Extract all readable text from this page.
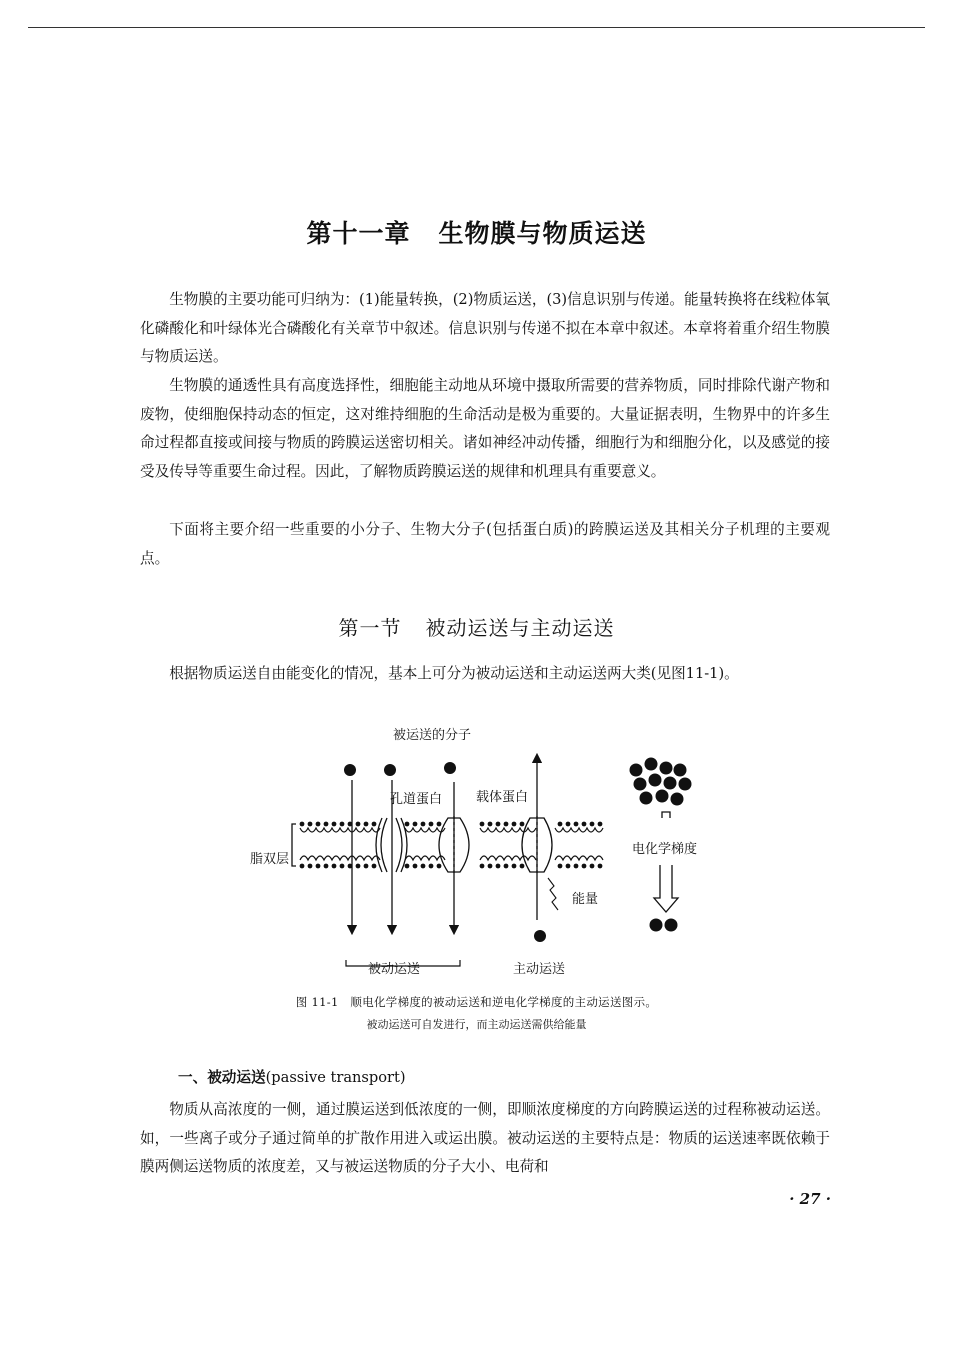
第十一章 生物膜与物质运送

生物膜的主要功能可归纳为：(1)能量转换，(2)物质运送，(3)信息识别与传递。能量转换将在线粒体氧化磷酸化和叶绿体光合磷酸化有关章节中叙述。信息识别与传递不拟在本章中叙述。本章将着重介绍生物膜与物质运送。

生物膜的通透性具有高度选择性，细胞能主动地从环境中摄取所需要的营养物质，同时排除代谢产物和废物，使细胞保持动态的恒定，这对维持细胞的生命活动是极为重要的。大量证据表明，生物界中的许多生命过程都直接或间接与物质的跨膜运送密切相关。诸如神经冲动传播，细胞行为和细胞分化，以及感觉的接受及传导等重要生命过程。因此，了解物质跨膜运送的规律和机理具有重要意义。

下面将主要介绍一些重要的小分子、生物大分子(包括蛋白质)的跨膜运送及其相关分子机理的主要观点。

第一节 被动运送与主动运送

根据物质运送自由能变化的情况，基本上可分为被动运送和主动运送两大类(见图11-1)。

被运送的分子
孔道蛋白	载体蛋白
脂双层
电化学梯度
能量
被动运送	主动运送
图 11-1　顺电化学梯度的被动运送和逆电化学梯度的主动运送图示。
被动运送可自发进行，而主动运送需供给能量
一、被动运送(passive transport)

物质从高浓度的一侧，通过膜运送到低浓度的一侧，即顺浓度梯度的方向跨膜运送的过程称被动运送。如，一些离子或分子通过简单的扩散作用进入或运出膜。被动运送的主要特点是：物质的运送速率既依赖于膜两侧运送物质的浓度差，又与被运送物质的分子大小、电荷和

· 27 ·
